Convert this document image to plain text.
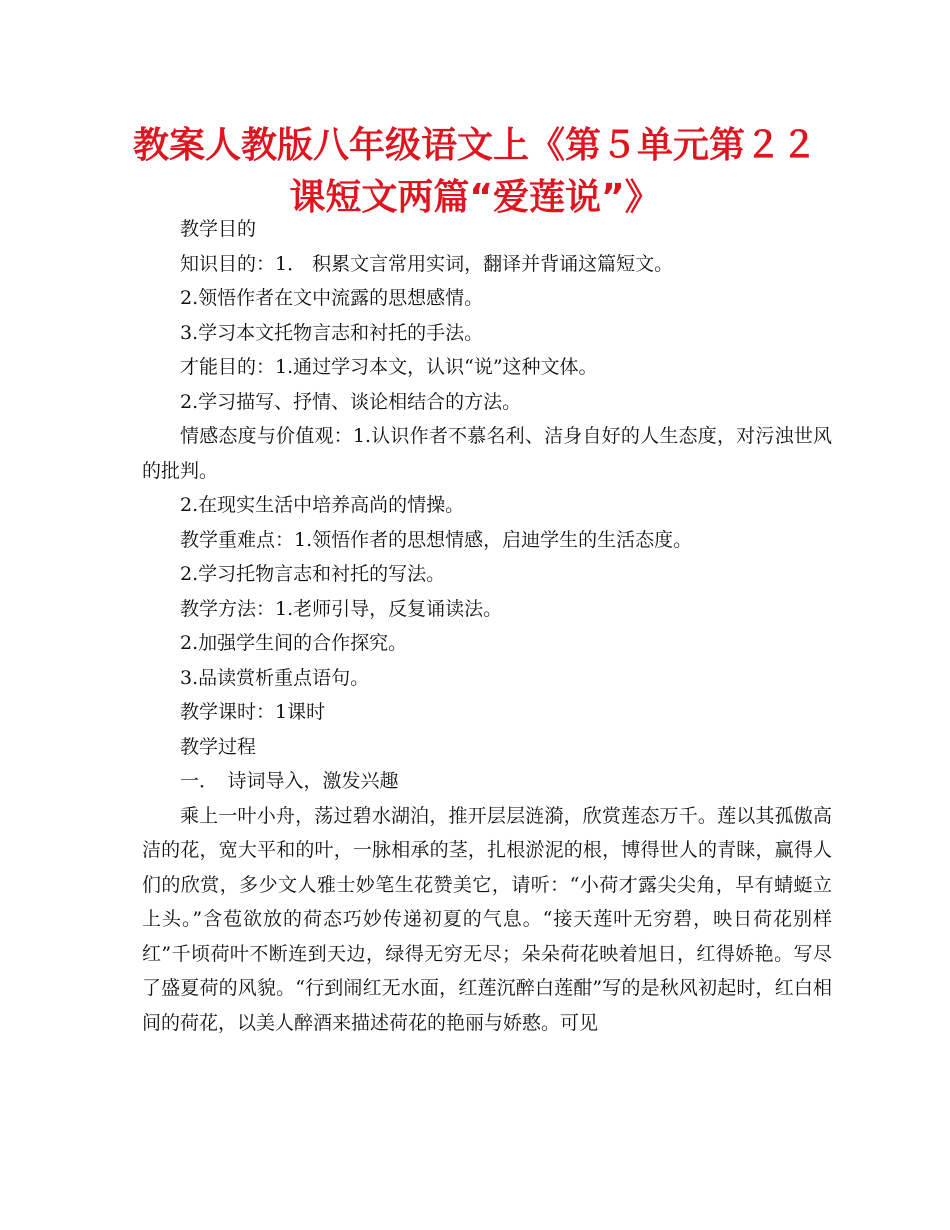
教案人教版八年级语文上《第５单元第２２
课短文两篇“爱莲说”》

教学目的

知识目的：1． 积累文言常用实词，翻译并背诵这篇短文。

2.领悟作者在文中流露的思想感情。

3.学习本文托物言志和衬托的手法。

才能目的：1.通过学习本文，认识“说”这种文体。

2.学习描写、抒情、谈论相结合的方法。

情感态度与价值观：1.认识作者不慕名利、洁身自好的人生态度，对污浊世风的批判。

2.在现实生活中培养高尚的情操。

教学重难点：1.领悟作者的思想情感，启迪学生的生活态度。

2.学习托物言志和衬托的写法。

教学方法：1.老师引导，反复诵读法。

2.加强学生间的合作探究。

3.品读赏析重点语句。

教学课时：1课时

教学过程

一．　诗词导入，激发兴趣

乘上一叶小舟，荡过碧水湖泊，推开层层涟漪，欣赏莲态万千。莲以其孤傲高洁的花，宽大平和的叶，一脉相承的茎，扎根淤泥的根，博得世人的青睐，赢得人们的欣赏，多少文人雅士妙笔生花赞美它，请听：“小荷才露尖尖角，早有蜻蜓立上头。”含苞欲放的荷态巧妙传递初夏的气息。“接天莲叶无穷碧，映日荷花别样红”千顷荷叶不断连到天边，绿得无穷无尽；朵朵荷花映着旭日，红得娇艳。写尽了盛夏荷的风貌。“行到闹红无水面，红莲沉醉白莲酣”写的是秋风初起时，红白相间的荷花，以美人醉酒来描述荷花的艳丽与娇憨。可见
